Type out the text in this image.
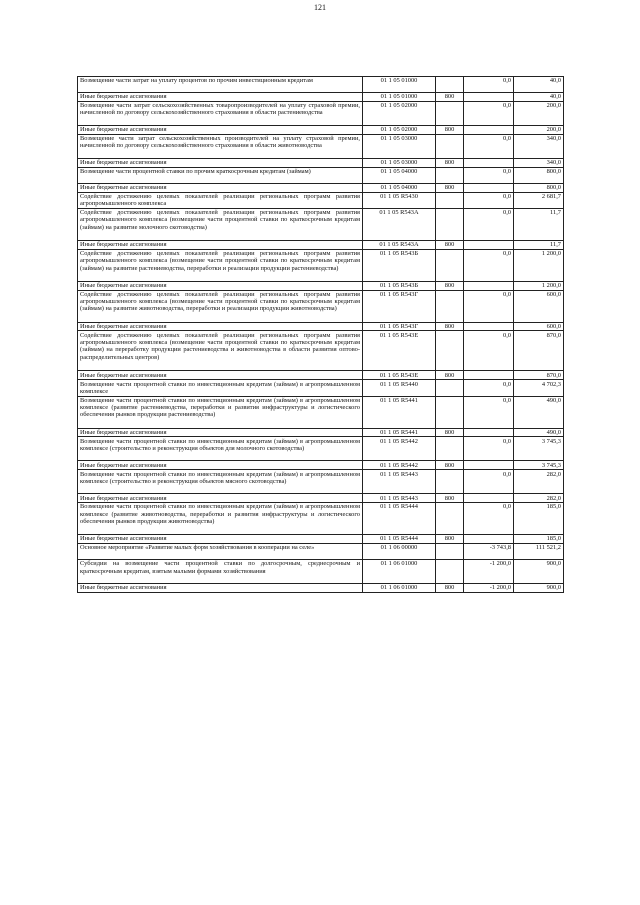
121
Возмещение части затрат на уплату процентов по прочим инвестиционным кредитам	01 1 05 01000		0,0	40,0
Иные бюджетные ассигнования	01 1 05 01000	800		40,0
Возмещение части затрат сельскохозяйственных товаропроизводителей на уплату страховой премии, начисленной по договору сельскохозяйственного страхования в области растениеводства	01 1 05 02000		0,0	200,0
Иные бюджетные ассигнования	01 1 05 02000	800		200,0
Возмещение части затрат сельскохозяйственных производителей на уплату страховой премии, начисленной по договору сельскохозяйственного страхования в области животноводства	01 1 05 03000		0,0	340,0
Иные бюджетные ассигнования	01 1 05 03000	800		340,0
Возмещение части процентной ставки по прочим краткосрочным кредитам (займам)	01 1 05 04000		0,0	800,0
Иные бюджетные ассигнования	01 1 05 04000	800		800,0
Содействие достижению целевых показателей реализации региональных программ развития агропромышленного комплекса	01 1 05 R5430		0,0	2 681,7
Содействие достижению целевых показателей реализации региональных программ развития агропромышленного комплекса (возмещение части процентной ставки по краткосрочным кредитам (займам) на развитие молочного скотоводства)	01 1 05 R543А		0,0	11,7
Иные бюджетные ассигнования	01 1 05 R543А	800		11,7
Содействие достижению целевых показателей реализации региональных программ развития агропромышленного комплекса (возмещение части процентной ставки по краткосрочным кредитам (займам) на развитие растениеводства, переработки и реализации продукции растениеводства)	01 1 05 R543Б		0,0	1 200,0
Иные бюджетные ассигнования	01 1 05 R543Б	800		1 200,0
Содействие достижению целевых показателей реализации региональных программ развития агропромышленного комплекса (возмещение части процентной ставки по краткосрочным кредитам (займам) на развитие животноводства, переработки и реализации продукции животноводства)	01 1 05 R543Г		0,0	600,0
Иные бюджетные ассигнования	01 1 05 R543Г	800		600,0
Содействие достижению целевых показателей реализации региональных программ развития агропромышленного комплекса (возмещение части процентной ставки по краткосрочным кредитам (займам) на переработку продукции растениеводства и животноводства в области развития оптово-распределительных центров)	01 1 05 R543Е		0,0	870,0
Иные бюджетные ассигнования	01 1 05 R543Е	800		870,0
Возмещение части процентной ставки по инвестиционным кредитам (займам) в агропромышленном комплексе	01 1 05 R5440		0,0	4 702,3
Возмещение части процентной ставки по инвестиционным кредитам (займам) в агропромышленном комплексе (развитие растениеводства, переработки и развития инфраструктуры и логистического обеспечения рынков продукции растениеводства)	01 1 05 R5441		0,0	490,0
Иные бюджетные ассигнования	01 1 05 R5441	800		490,0
Возмещение части процентной ставки по инвестиционным кредитам (займам) в агропромышленном комплексе (строительство и реконструкция объектов для молочного скотоводства)	01 1 05 R5442		0,0	3 745,3
Иные бюджетные ассигнования	01 1 05 R5442	800		3 745,3
Возмещение части процентной ставки по инвестиционным кредитам (займам) в агропромышленном комплексе (строительство и реконструкция объектов мясного скотоводства)	01 1 05 R5443		0,0	282,0
Иные бюджетные ассигнования	01 1 05 R5443	800		282,0
Возмещение части процентной ставки по инвестиционным кредитам (займам) в агропромышленном комплексе (развитие животноводства, переработки и развития инфраструктуры и логистического обеспечения рынков продукции животноводства)	01 1 05 R5444		0,0	185,0
Иные бюджетные ассигнования	01 1 05 R5444	800		185,0
Основное мероприятие «Развитие малых форм хозяйствования в кооперации на селе»	01 1 06 00000		-3 743,8	111 521,2
Субсидии на возмещение части процентной ставки по долгосрочным, среднесрочным и краткосрочным кредитам, взятым малыми формами хозяйствования	01 1 06 01000		-1 200,0	900,0
Иные бюджетные ассигнования	01 1 06 01000	800	-1 200,0	900,0
